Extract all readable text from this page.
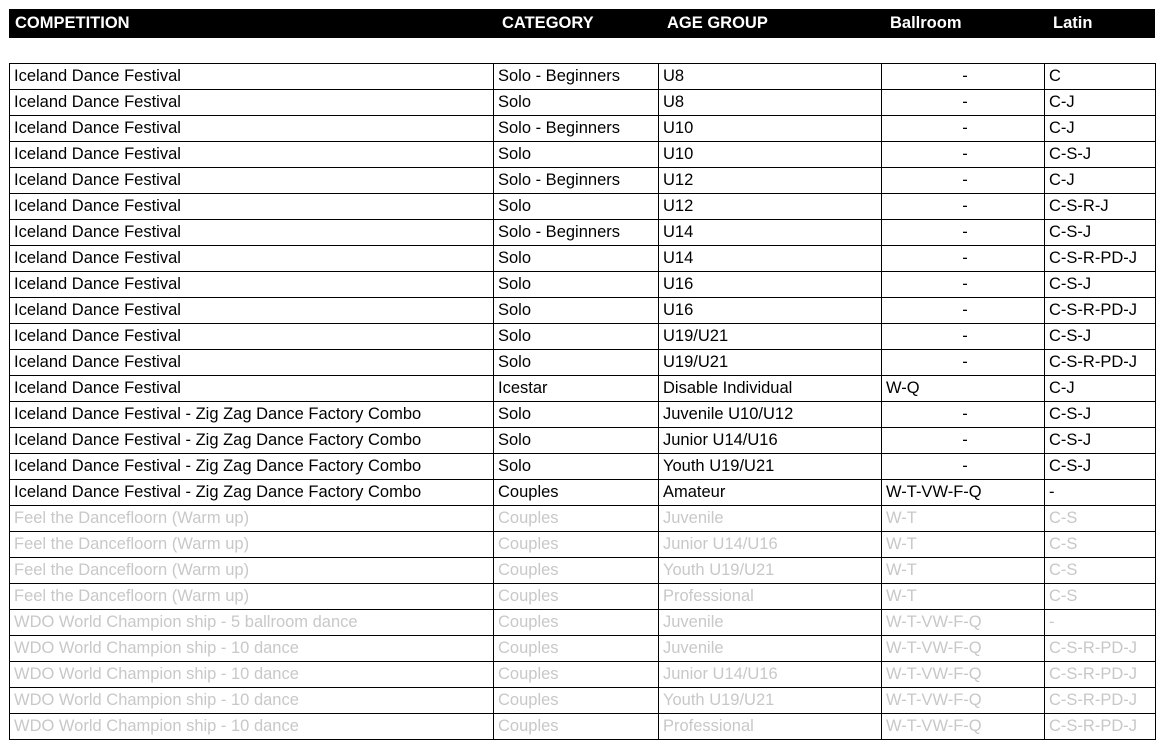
COMPETITION	CATEGORY	AGE GROUP	Ballroom	Latin
Iceland Dance Festival	Solo - Beginners	U8	-	C
Iceland Dance Festival	Solo	U8	-	C-J
Iceland Dance Festival	Solo - Beginners	U10	-	C-J
Iceland Dance Festival	Solo	U10	-	C-S-J
Iceland Dance Festival	Solo - Beginners	U12	-	C-J
Iceland Dance Festival	Solo	U12	-	C-S-R-J
Iceland Dance Festival	Solo - Beginners	U14	-	C-S-J
Iceland Dance Festival	Solo	U14	-	C-S-R-PD-J
Iceland Dance Festival	Solo	U16	-	C-S-J
Iceland Dance Festival	Solo	U16	-	C-S-R-PD-J
Iceland Dance Festival	Solo	U19/U21	-	C-S-J
Iceland Dance Festival	Solo	U19/U21	-	C-S-R-PD-J
Iceland Dance Festival	Icestar	Disable Individual	W-Q	C-J
Iceland Dance Festival - Zig Zag Dance Factory Combo	Solo	Juvenile U10/U12	-	C-S-J
Iceland Dance Festival - Zig Zag Dance Factory Combo	Solo	Junior U14/U16	-	C-S-J
Iceland Dance Festival - Zig Zag Dance Factory Combo	Solo	Youth U19/U21	-	C-S-J
Iceland Dance Festival - Zig Zag Dance Factory Combo	Couples	Amateur	W-T-VW-F-Q	-
Feel the Dancefloorn (Warm up)	Couples	Juvenile	W-T	C-S
Feel the Dancefloorn (Warm up)	Couples	Junior U14/U16	W-T	C-S
Feel the Dancefloorn (Warm up)	Couples	Youth U19/U21	W-T	C-S
Feel the Dancefloorn (Warm up)	Couples	Professional	W-T	C-S
WDO World Champion ship - 5 ballroom dance	Couples	Juvenile	W-T-VW-F-Q	-
WDO World Champion ship - 10 dance	Couples	Juvenile	W-T-VW-F-Q	C-S-R-PD-J
WDO World Champion ship - 10 dance	Couples	Junior U14/U16	W-T-VW-F-Q	C-S-R-PD-J
WDO World Champion ship - 10 dance	Couples	Youth U19/U21	W-T-VW-F-Q	C-S-R-PD-J
WDO World Champion ship - 10 dance	Couples	Professional	W-T-VW-F-Q	C-S-R-PD-J
